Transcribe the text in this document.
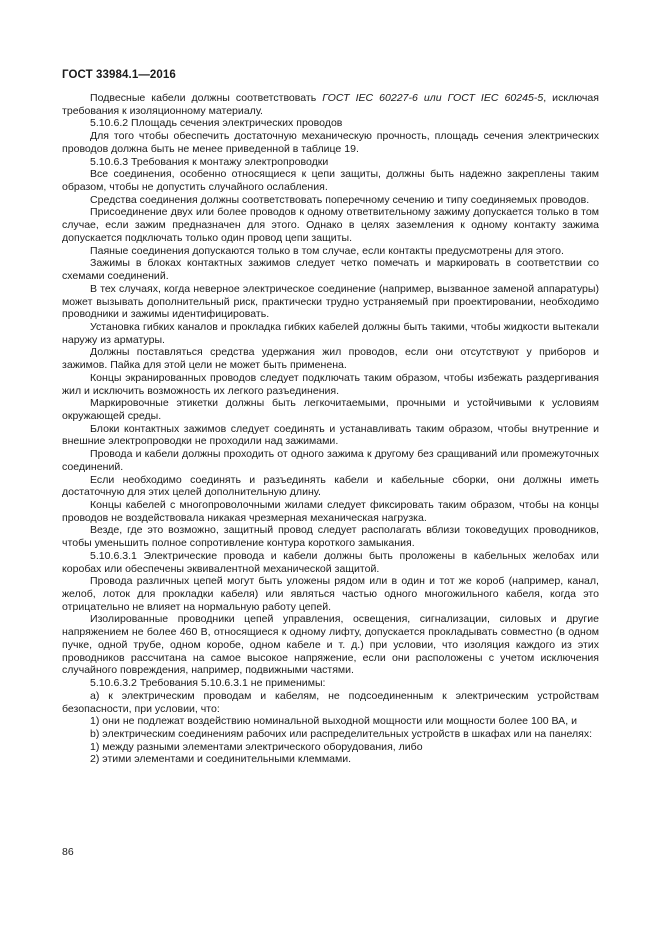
ГОСТ 33984.1—2016

Подвесные кабели должны соответствовать ГОСТ IEC 60227-6 или ГОСТ IEC 60245-5, исключая требования к изоляционному материалу.

5.10.6.2 Площадь сечения электрических проводов

Для того чтобы обеспечить достаточную механическую прочность, площадь сечения электрических проводов должна быть не менее приведенной в таблице 19.

5.10.6.3 Требования к монтажу электропроводки

Все соединения, особенно относящиеся к цепи защиты, должны быть надежно закреплены таким образом, чтобы не допустить случайного ослабления.

Средства соединения должны соответствовать поперечному сечению и типу соединяемых проводов.

Присоединение двух или более проводов к одному ответвительному зажиму допускается только в том случае, если зажим предназначен для этого. Однако в целях заземления к одному контакту зажима допускается подключать только один провод цепи защиты.

Паяные соединения допускаются только в том случае, если контакты предусмотрены для этого.

Зажимы в блоках контактных зажимов следует четко помечать и маркировать в соответствии со схемами соединений.

В тех случаях, когда неверное электрическое соединение (например, вызванное заменой аппаратуры) может вызывать дополнительный риск, практически трудно устраняемый при проектировании, необходимо проводники и зажимы идентифицировать.

Установка гибких каналов и прокладка гибких кабелей должны быть такими, чтобы жидкости вытекали наружу из арматуры.

Должны поставляться средства удержания жил проводов, если они отсутствуют у приборов и зажимов. Пайка для этой цели не может быть применена.

Концы экранированных проводов следует подключать таким образом, чтобы избежать раздергивания жил и исключить возможность их легкого разъединения.

Маркировочные этикетки должны быть легкочитаемыми, прочными и устойчивыми к условиям окружающей среды.

Блоки контактных зажимов следует соединять и устанавливать таким образом, чтобы внутренние и внешние электропроводки не проходили над зажимами.

Провода и кабели должны проходить от одного зажима к другому без сращиваний или промежуточных соединений.

Если необходимо соединять и разъединять кабели и кабельные сборки, они должны иметь достаточную для этих целей дополнительную длину.

Концы кабелей с многопроволочными жилами следует фиксировать таким образом, чтобы на концы проводов не воздействовала никакая чрезмерная механическая нагрузка.

Везде, где это возможно, защитный провод следует располагать вблизи токоведущих проводников, чтобы уменьшить полное сопротивление контура короткого замыкания.

5.10.6.3.1 Электрические провода и кабели должны быть проложены в кабельных желобах или коробах или обеспечены эквивалентной механической защитой.

Провода различных цепей могут быть уложены рядом или в один и тот же короб (например, канал, желоб, лоток для прокладки кабеля) или являться частью одного многожильного кабеля, когда это отрицательно не влияет на нормальную работу цепей.

Изолированные проводники цепей управления, освещения, сигнализации, силовых и другие напряжением не более 460 В, относящиеся к одному лифту, допускается прокладывать совместно (в одном пучке, одной трубе, одном коробе, одном кабеле и т. д.) при условии, что изоляция каждого из этих проводников рассчитана на самое высокое напряжение, если они расположены с учетом исключения случайного повреждения, например, подвижными частями.

5.10.6.3.2 Требования 5.10.6.3.1 не применимы:

а) к электрическим проводам и кабелям, не подсоединенным к электрическим устройствам безопасности, при условии, что:

1) они не подлежат воздействию номинальной выходной мощности или мощности более 100 ВА, и

b) электрическим соединениям рабочих или распределительных устройств в шкафах или на панелях:

1) между разными элементами электрического оборудования, либо

2) этими элементами и соединительными клеммами.

86
